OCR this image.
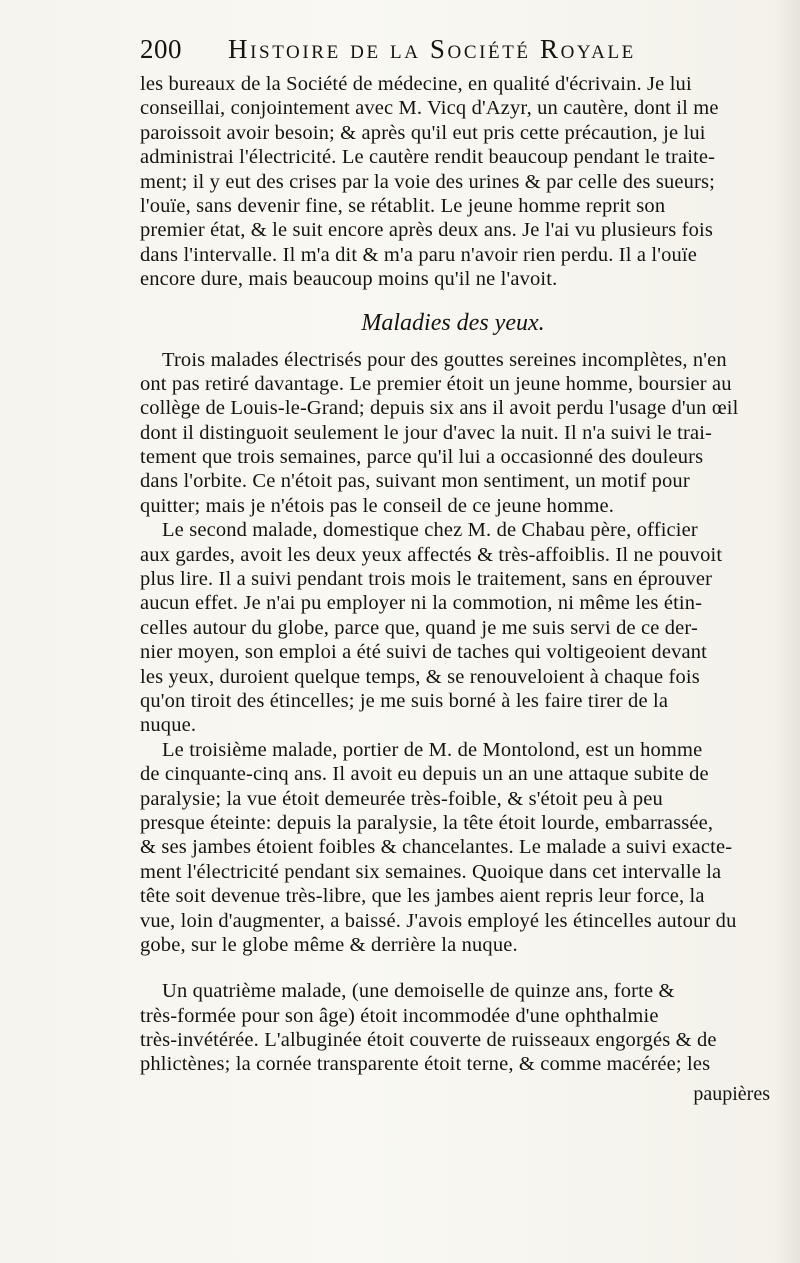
200 Histoire de la Société Royale
les bureaux de la Société de médecine, en qualité d'écrivain. Je lui
conseillai, conjointement avec M. Vicq d'Azyr, un cautère, dont il me
paroissoit avoir besoin; & après qu'il eut pris cette précaution, je lui
administrai l'électricité. Le cautère rendit beaucoup pendant le traite-
ment; il y eut des crises par la voie des urines & par celle des sueurs;
l'ouïe, sans devenir fine, se rétablit. Le jeune homme reprit son
premier état, & le suit encore après deux ans. Je l'ai vu plusieurs fois
dans l'intervalle. Il m'a dit & m'a paru n'avoir rien perdu. Il a l'ouïe
encore dure, mais beaucoup moins qu'il ne l'avoit.
Maladies des yeux.
Trois malades électrisés pour des gouttes sereines incomplètes, n'en
ont pas retiré davantage. Le premier étoit un jeune homme, boursier au
collège de Louis-le-Grand; depuis six ans il avoit perdu l'usage d'un œil
dont il distinguoit seulement le jour d'avec la nuit. Il n'a suivi le trai-
tement que trois semaines, parce qu'il lui a occasionné des douleurs
dans l'orbite. Ce n'étoit pas, suivant mon sentiment, un motif pour
quitter; mais je n'étois pas le conseil de ce jeune homme.
Le second malade, domestique chez M. de Chabau père, officier
aux gardes, avoit les deux yeux affectés & très-affoiblis. Il ne pouvoit
plus lire. Il a suivi pendant trois mois le traitement, sans en éprouver
aucun effet. Je n'ai pu employer ni la commotion, ni même les étin-
celles autour du globe, parce que, quand je me suis servi de ce der-
nier moyen, son emploi a été suivi de taches qui voltigeoient devant
les yeux, duroient quelque temps, & se renouveloient à chaque fois
qu'on tiroit des étincelles; je me suis borné à les faire tirer de la
nuque.
Le troisième malade, portier de M. de Montolond, est un homme
de cinquante-cinq ans. Il avoit eu depuis un an une attaque subite de
paralysie; la vue étoit demeurée très-foible, & s'étoit peu à peu
presque éteinte: depuis la paralysie, la tête étoit lourde, embarrassée,
& ses jambes étoient foibles & chancelantes. Le malade a suivi exacte-
ment l'électricité pendant six semaines. Quoique dans cet intervalle la
tête soit devenue très-libre, que les jambes aient repris leur force, la
vue, loin d'augmenter, a baissé. J'avois employé les étincelles autour du
gobe, sur le globe même & derrière la nuque.
Un quatrième malade, (une demoiselle de quinze ans, forte &
très-formée pour son âge) étoit incommodée d'une ophthalmie
très-invétérée. L'albuginée étoit couverte de ruisseaux engorgés & de
phlictènes; la cornée transparente étoit terne, & comme macérée; les
paupières
